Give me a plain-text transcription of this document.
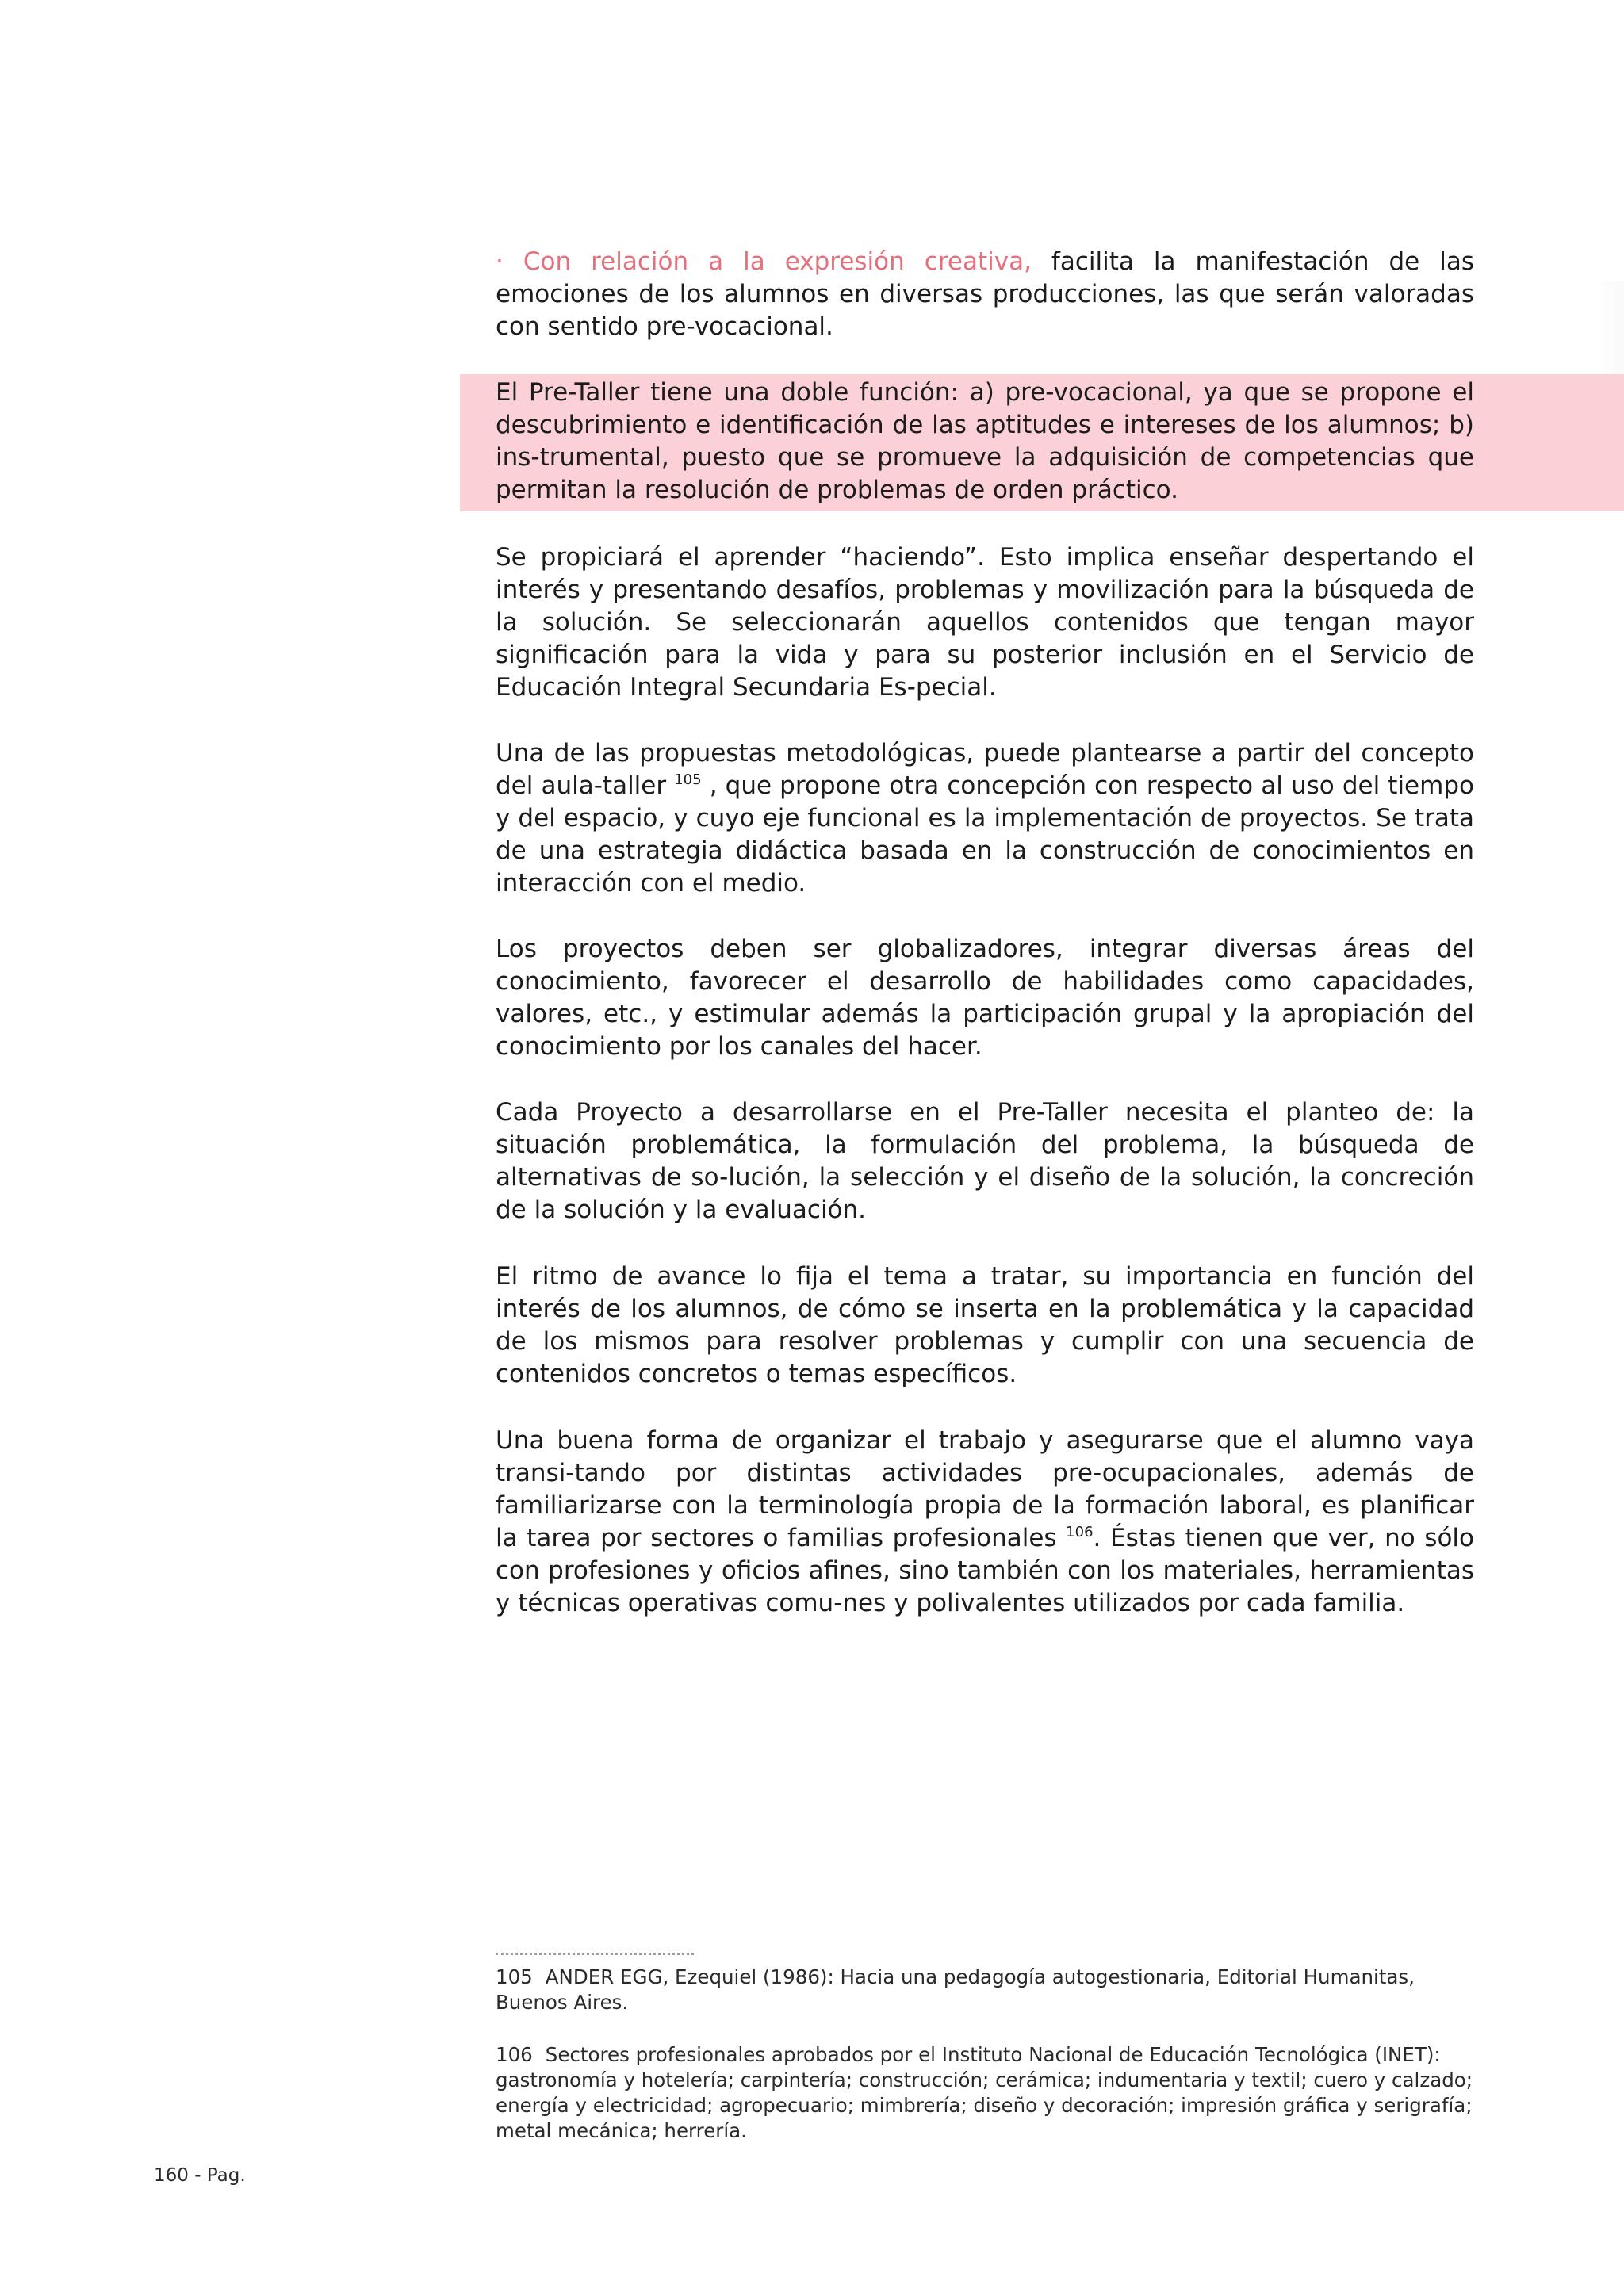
· Con relación a la expresión creativa, facilita la manifestación de las emociones de los alumnos en diversas producciones, las que serán valoradas con sentido pre-vocacional.

El Pre-Taller tiene una doble función: a) pre-vocacional, ya que se propone el descubrimiento e identificación de las aptitudes e intereses de los alumnos; b) ins-trumental, puesto que se promueve la adquisición de competencias que permitan la resolución de problemas de orden práctico.

Se propiciará el aprender “haciendo”. Esto implica enseñar despertando el interés y presentando desafíos, problemas y movilización para la búsqueda de la solución. Se seleccionarán aquellos contenidos que tengan mayor significación para la vida y para su posterior inclusión en el Servicio de Educación Integral Secundaria Es-pecial.

Una de las propuestas metodológicas, puede plantearse a partir del concepto del aula-taller $^{105}$ , que propone otra concepción con respecto al uso del tiempo y del espacio, y cuyo eje funcional es la implementación de proyectos. Se trata de una estrategia didáctica basada en la construcción de conocimientos en interacción con el medio.

Los proyectos deben ser globalizadores, integrar diversas áreas del conocimiento, favorecer el desarrollo de habilidades como capacidades, valores, etc., y estimular además la participación grupal y la apropiación del conocimiento por los canales del hacer.

Cada Proyecto a desarrollarse en el Pre-Taller necesita el planteo de: la situación problemática, la formulación del problema, la búsqueda de alternativas de so-lución, la selección y el diseño de la solución, la concreción de la solución y la evaluación.

El ritmo de avance lo fija el tema a tratar, su importancia en función del interés de los alumnos, de cómo se inserta en la problemática y la capacidad de los mismos para resolver problemas y cumplir con una secuencia de contenidos concretos o temas específicos.

Una buena forma de organizar el trabajo y asegurarse que el alumno vaya transi-tando por distintas actividades pre-ocupacionales, además de familiarizarse con la terminología propia de la formación laboral, es planificar la tarea por sectores o familias profesionales $^{106}$. Éstas tienen que ver, no sólo con profesiones y oficios afines, sino también con los materiales, herramientas y técnicas operativas comu-nes y polivalentes utilizados por cada familia.

105 ANDER EGG, Ezequiel (1986): Hacia una pedagogía autogestionaria, Editorial Humanitas, Buenos Aires.

106 Sectores profesionales aprobados por el Instituto Nacional de Educación Tecnológica (INET): gastronomía y hotelería; carpintería; construcción; cerámica; indumentaria y textil; cuero y calzado; energía y electricidad; agropecuario; mimbrería; diseño y decoración; impresión gráfica y serigrafía; metal mecánica; herrería.

160 - Pag.
